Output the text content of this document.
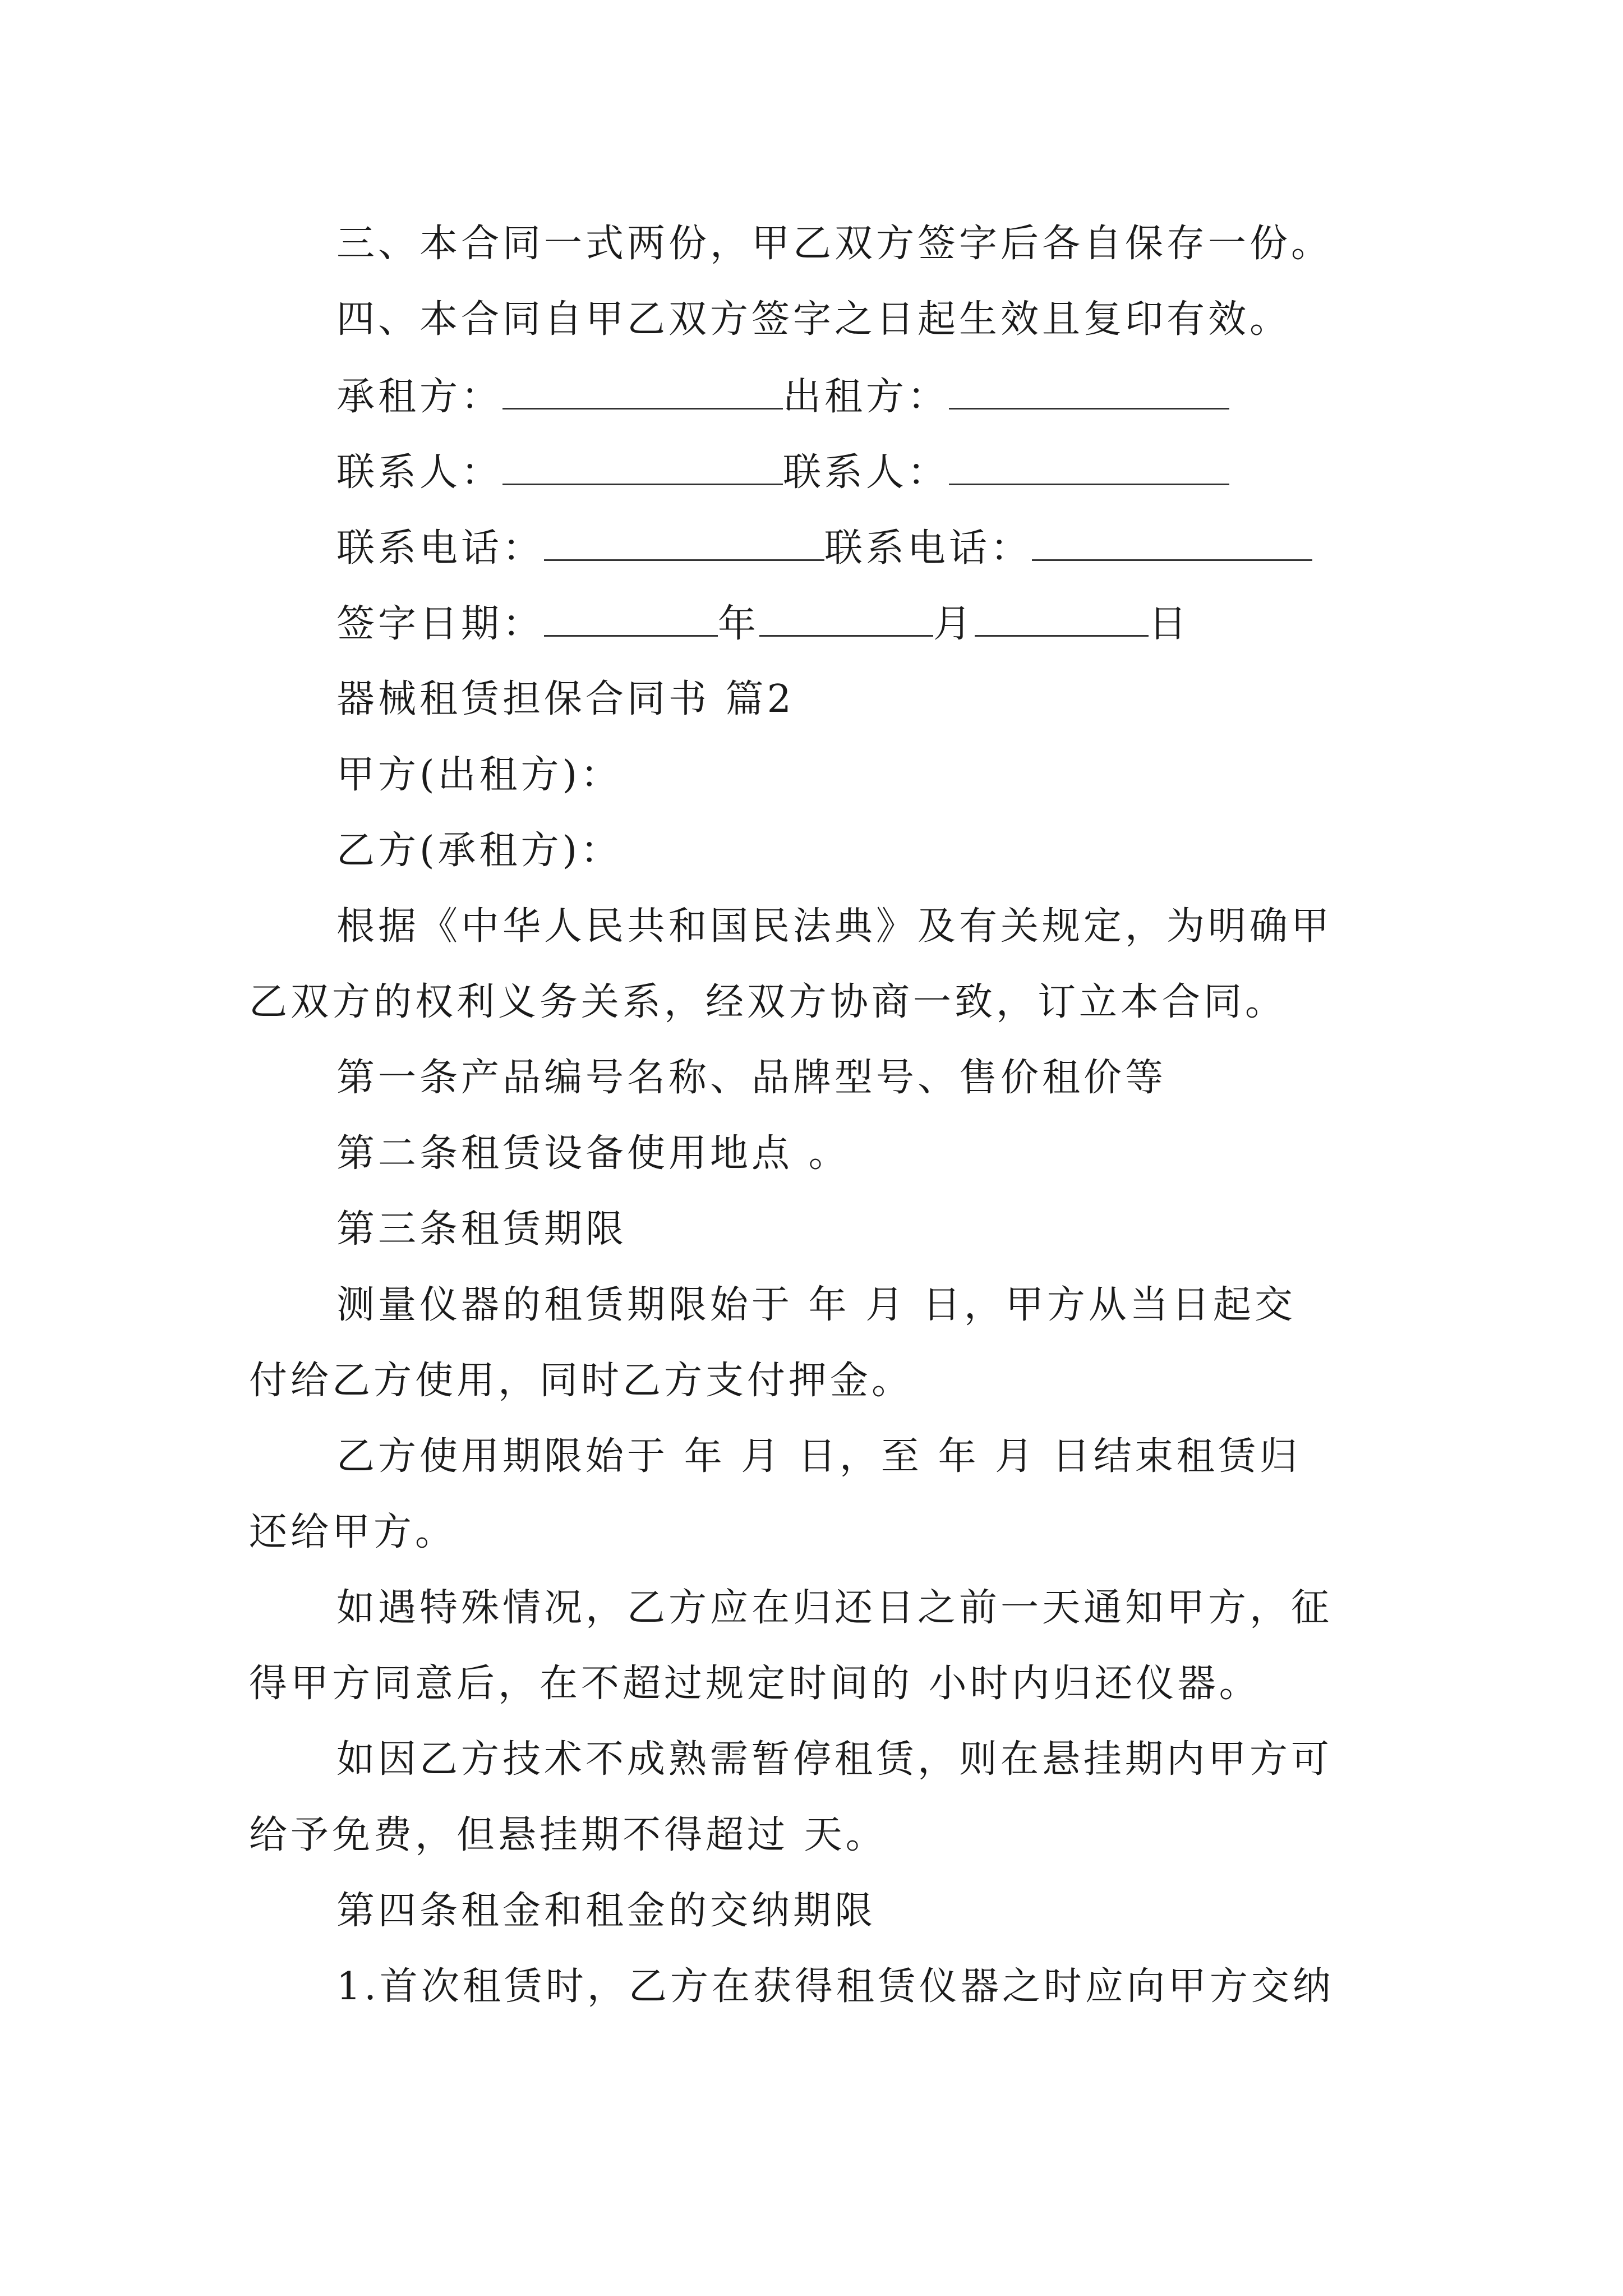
三、本合同一式两份，甲乙双方签字后各自保存一份。
四、本合同自甲乙双方签字之日起生效且复印有效。
承租方：	出租方：
联系人：	联系人：
联系电话：	联系电话：
签字日期：	年	月	日
器械租赁担保合同书 篇2
甲方(出租方)：
乙方(承租方)：
根据《中华人民共和国民法典》及有关规定，为明确甲
乙双方的权利义务关系，经双方协商一致，订立本合同。
第一条产品编号名称、品牌型号、售价租价等
第二条租赁设备使用地点 。
第三条租赁期限
测量仪器的租赁期限始于 年 月 日，甲方从当日起交
付给乙方使用，同时乙方支付押金。
乙方使用期限始于 年 月 日，至 年 月 日结束租赁归
还给甲方。
如遇特殊情况，乙方应在归还日之前一天通知甲方，征
得甲方同意后，在不超过规定时间的 小时内归还仪器。
如因乙方技术不成熟需暂停租赁，则在悬挂期内甲方可
给予免费，但悬挂期不得超过 天。
第四条租金和租金的交纳期限
1.首次租赁时，乙方在获得租赁仪器之时应向甲方交纳
